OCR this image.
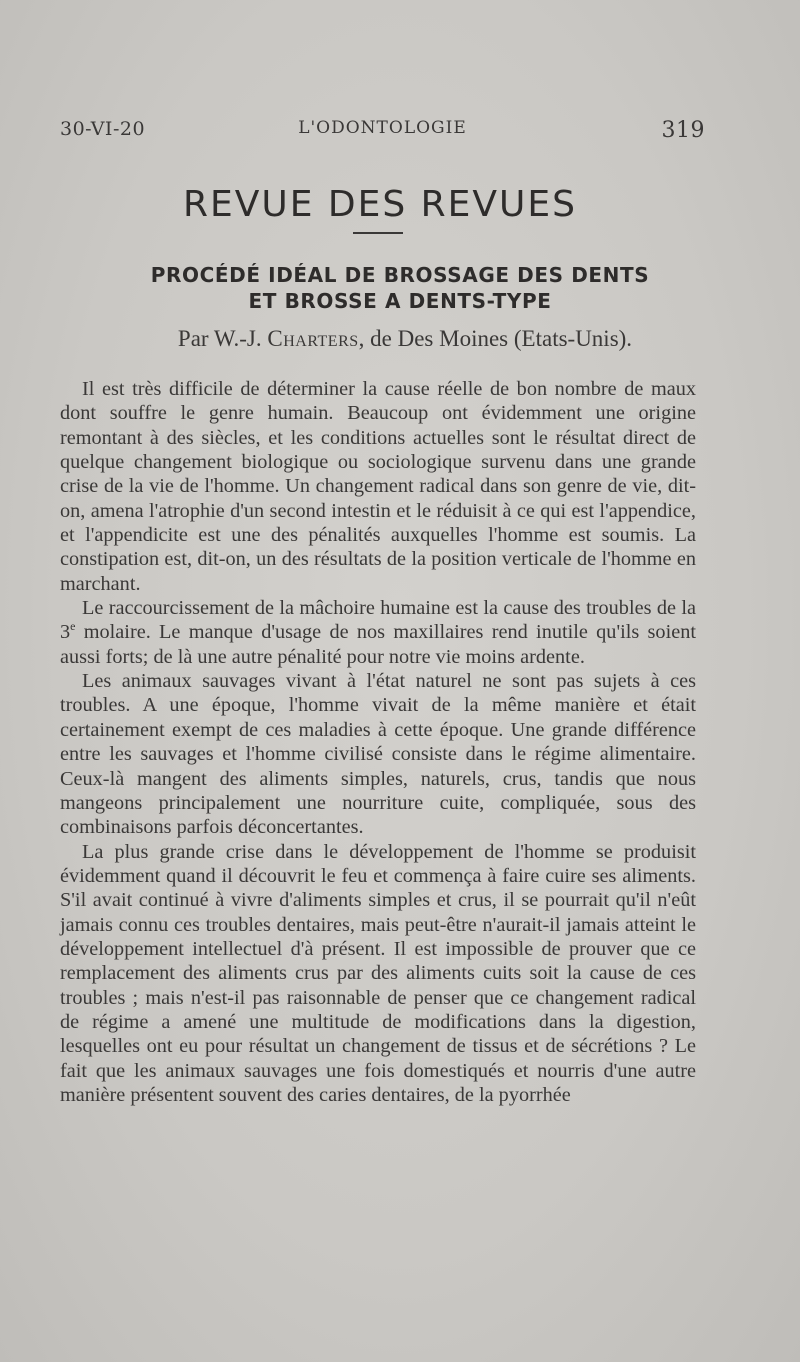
30-VI-20	L'ODONTOLOGIE	319
REVUE DES REVUES
PROCÉDÉ IDÉAL DE BROSSAGE DES DENTS
ET BROSSE A DENTS-TYPE
Par W.-J. Charters, de Des Moines (Etats-Unis).

Il est très difficile de déterminer la cause réelle de bon nombre de maux dont souffre le genre humain. Beaucoup ont évidemment une origine remontant à des siècles, et les conditions actuelles sont le résultat direct de quelque changement biologique ou sociologique survenu dans une grande crise de la vie de l'homme. Un changement radical dans son genre de vie, dit-on, amena l'atrophie d'un second intestin et le réduisit à ce qui est l'appendice, et l'appendicite est une des pénalités auxquelles l'homme est soumis. La constipation est, dit-on, un des résultats de la position verticale de l'homme en marchant.

Le raccourcissement de la mâchoire humaine est la cause des troubles de la 3e molaire. Le manque d'usage de nos maxillaires rend inutile qu'ils soient aussi forts; de là une autre pénalité pour notre vie moins ardente.

Les animaux sauvages vivant à l'état naturel ne sont pas sujets à ces troubles. A une époque, l'homme vivait de la même manière et était certainement exempt de ces maladies à cette époque. Une grande différence entre les sauvages et l'homme civilisé consiste dans le régime alimentaire. Ceux-là mangent des aliments simples, naturels, crus, tandis que nous mangeons principalement une nourriture cuite, compliquée, sous des combinaisons parfois déconcertantes.

La plus grande crise dans le développement de l'homme se produisit évidemment quand il découvrit le feu et commença à faire cuire ses aliments. S'il avait continué à vivre d'aliments simples et crus, il se pourrait qu'il n'eût jamais connu ces troubles dentaires, mais peut-être n'aurait-il jamais atteint le développement intellectuel d'à présent. Il est impossible de prouver que ce remplacement des aliments crus par des aliments cuits soit la cause de ces troubles ; mais n'est-il pas raisonnable de penser que ce changement radical de régime a amené une multitude de modifications dans la digestion, lesquelles ont eu pour résultat un changement de tissus et de sécrétions ? Le fait que les animaux sauvages une fois domestiqués et nourris d'une autre manière présentent souvent des caries dentaires, de la pyorrhée
